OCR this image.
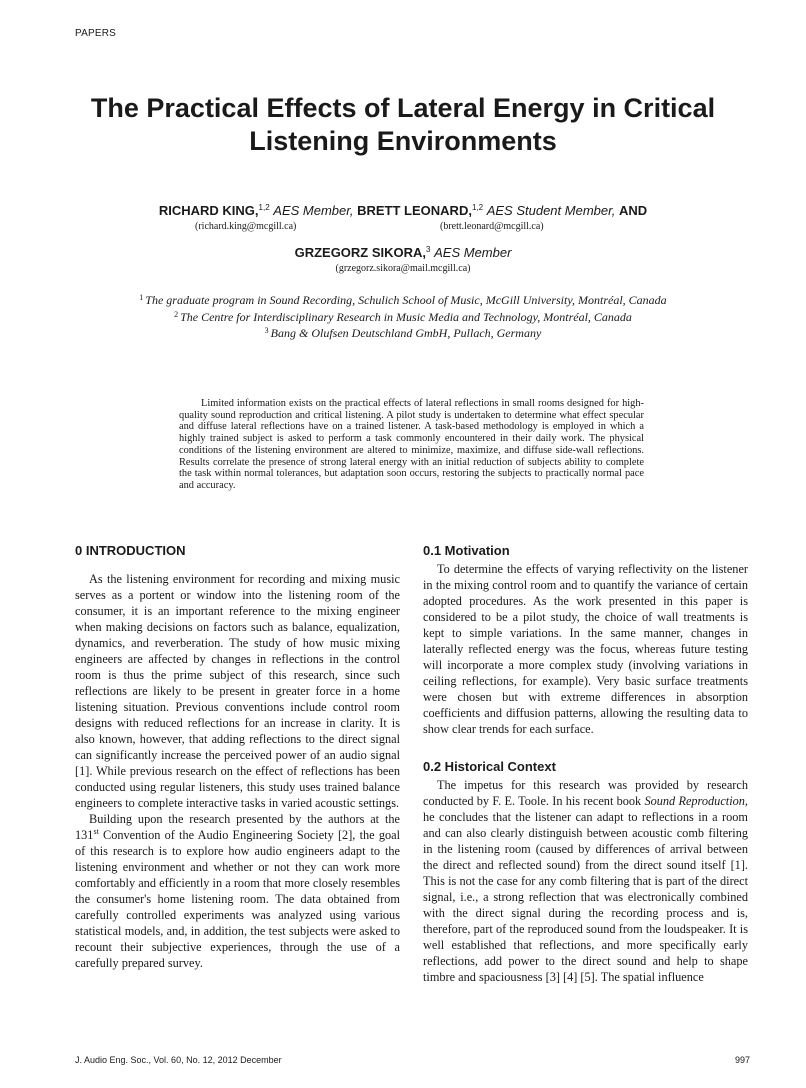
PAPERS
The Practical Effects of Lateral Energy in Critical
Listening Environments
RICHARD KING,$^{1,2}$ AES Member, BRETT LEONARD,$^{1,2}$ AES Student Member, AND
(richard.king@mcgill.ca)	(brett.leonard@mcgill.ca)
GRZEGORZ SIKORA,$^3$ AES Member
(grzegorz.sikora@mail.mcgill.ca)
$^1$ The graduate program in Sound Recording, Schulich School of Music, McGill University, Montréal, Canada
$^2$ The Centre for Interdisciplinary Research in Music Media and Technology, Montréal, Canada
$^3$ Bang & Olufsen Deutschland GmbH, Pullach, Germany

Limited information exists on the practical effects of lateral reflections in small rooms designed for high-quality sound reproduction and critical listening. A pilot study is undertaken to determine what effect specular and diffuse lateral reflections have on a trained listener. A task-based methodology is employed in which a highly trained subject is asked to perform a task commonly encountered in their daily work. The physical conditions of the listening environment are altered to minimize, maximize, and diffuse side-wall reflections. Results correlate the presence of strong lateral energy with an initial reduction of subjects ability to complete the task within normal tolerances, but adaptation soon occurs, restoring the subjects to practically normal pace and accuracy.

0 INTRODUCTION

As the listening environment for recording and mixing music serves as a portent or window into the listening room of the consumer, it is an important reference to the mixing engineer when making decisions on factors such as balance, equalization, dynamics, and reverberation. The study of how music mixing engineers are affected by changes in reflections in the control room is thus the prime subject of this research, since such reflections are likely to be present in greater force in a home listening situation. Previous conventions include control room designs with reduced reflections for an increase in clarity. It is also known, however, that adding reflections to the direct signal can significantly increase the perceived power of an audio signal [1]. While previous research on the effect of reflections has been conducted using regular listeners, this study uses trained balance engineers to complete interactive tasks in varied acoustic settings.

Building upon the research presented by the authors at the 131st Convention of the Audio Engineering Society [2], the goal of this research is to explore how audio engineers adapt to the listening environment and whether or not they can work more comfortably and efficiently in a room that more closely resembles the consumer's home listening room. The data obtained from carefully controlled experiments was analyzed using various statistical models, and, in addition, the test subjects were asked to recount their subjective experiences, through the use of a carefully prepared survey.

0.1 Motivation

To determine the effects of varying reflectivity on the listener in the mixing control room and to quantify the variance of certain adopted procedures. As the work presented in this paper is considered to be a pilot study, the choice of wall treatments is kept to simple variations. In the same manner, changes in laterally reflected energy was the focus, whereas future testing will incorporate a more complex study (involving variations in ceiling reflections, for example). Very basic surface treatments were chosen but with extreme differences in absorption coefficients and diffusion patterns, allowing the resulting data to show clear trends for each surface.

0.2 Historical Context

The impetus for this research was provided by research conducted by F. E. Toole. In his recent book Sound Reproduction, he concludes that the listener can adapt to reflections in a room and can also clearly distinguish between acoustic comb filtering in the listening room (caused by differences of arrival between the direct and reflected sound) from the direct sound itself [1]. This is not the case for any comb filtering that is part of the direct signal, i.e., a strong reflection that was electronically combined with the direct signal during the recording process and is, therefore, part of the reproduced sound from the loudspeaker. It is well established that reflections, and more specifically early reflections, add power to the direct sound and help to shape timbre and spaciousness [3] [4] [5]. The spatial influence

J. Audio Eng. Soc., Vol. 60, No. 12, 2012 December	997
